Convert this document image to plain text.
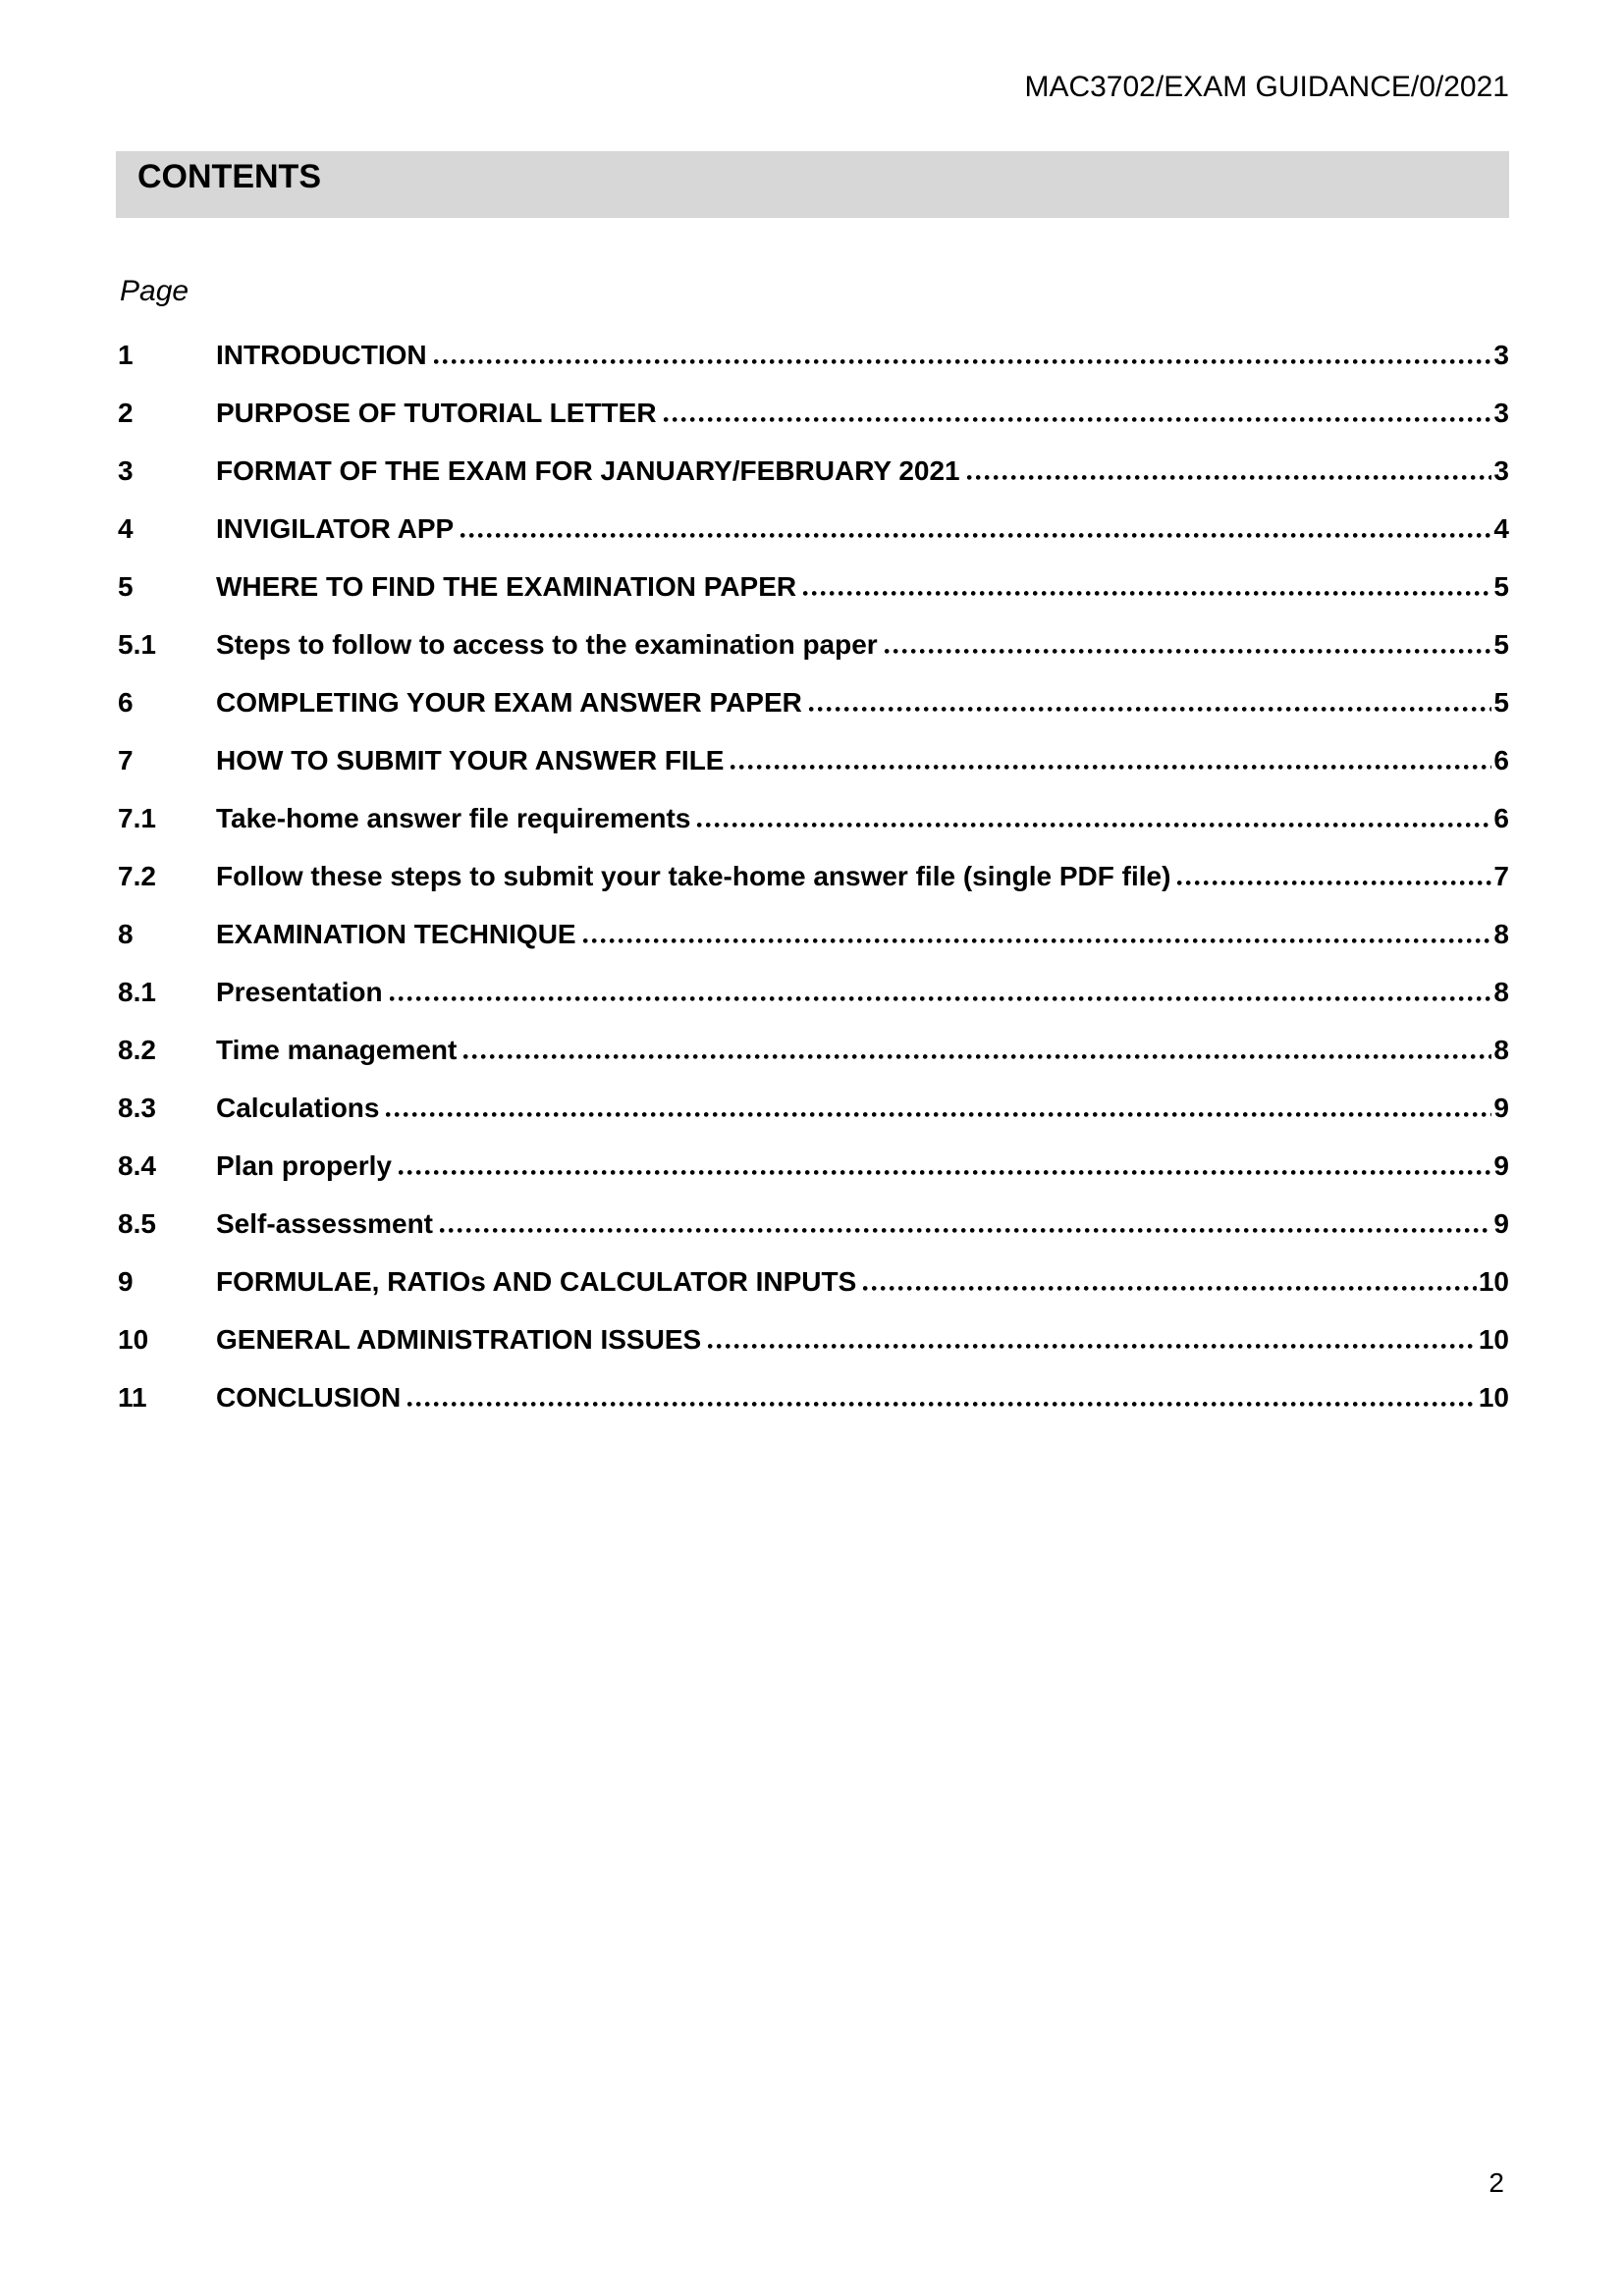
MAC3702/EXAM GUIDANCE/0/2021
CONTENTS
Page
1	INTRODUCTION	3
2	PURPOSE OF TUTORIAL LETTER	3
3	FORMAT OF THE EXAM FOR JANUARY/FEBRUARY 2021	3
4	INVIGILATOR APP	4
5	WHERE TO FIND THE EXAMINATION PAPER	5
5.1	Steps to follow to access to the examination paper	5
6	COMPLETING YOUR EXAM ANSWER PAPER	5
7	HOW TO SUBMIT YOUR ANSWER FILE	6
7.1	Take-home answer file requirements	6
7.2	Follow these steps to submit your take-home answer file (single PDF file)	7
8	EXAMINATION TECHNIQUE	8
8.1	Presentation	8
8.2	Time management	8
8.3	Calculations	9
8.4	Plan properly	9
8.5	Self-assessment	9
9	FORMULAE, RATIOs AND CALCULATOR INPUTS	10
10	GENERAL ADMINISTRATION ISSUES	10
11	CONCLUSION	10
2
